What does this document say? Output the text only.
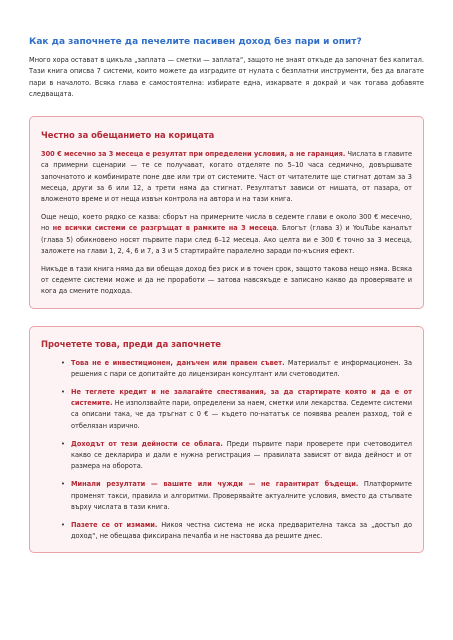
Как да започнете да печелите пасивен доход без пари и опит?

Много хора остават в цикъла „заплата — сметки — заплата“, защото не знаят откъде да започнат без капитал. Тази книга описва 7 системи, които можете да изградите от нулата с безплатни инструменти, без да влагате пари в началото. Всяка глава е самостоятелна: избирате една, изкарвате я докрай и чак тогава добавяте следващата.

Честно за обещанието на корицата

300 € месечно за 3 месеца е резултат при определени условия, а не гаранция. Числата в главите са примерни сценарии — те се получават, когато отделяте по 5–10 часа седмично, довършвате започнатото и комбинирате поне две или три от системите. Част от читателите ще стигнат дотам за 3 месеца, други за 6 или 12, а трети няма да стигнат. Резултатът зависи от нишата, от пазара, от вложеното време и от неща извън контрола на автора и на тази книга.

Още нещо, което рядко се казва: сборът на примерните числа в седемте глави е около 300 € месечно, но не всички системи се разгръщат в рамките на 3 месеца. Блогът (глава 3) и YouTube каналът (глава 5) обикновено носят първите пари след 6–12 месеца. Ако целта ви е 300 € точно за 3 месеца, заложете на глави 1, 2, 4, 6 и 7, а 3 и 5 стартирайте паралелно заради по-късния ефект.

Никъде в тази книга няма да ви обещая доход без риск и в точен срок, защото такова нещо няма. Всяка от седемте системи може и да не проработи — затова навсякъде е записано какво да проверявате и кога да смените подхода.

Прочетете това, преди да започнете
• Това не е инвестиционен, данъчен или правен съвет. Материалът е информационен. За решения с пари се допитайте до лицензиран консултант или счетоводител.
• Не теглете кредит и не залагайте спестявания, за да стартирате която и да е от системите. Не използвайте пари, определени за наем, сметки или лекарства. Седемте системи са описани така, че да тръгнат с 0 € — където по-нататък се появява реален разход, той е отбелязан изрично.
• Доходът от тези дейности се облага. Преди първите пари проверете при счетоводител какво се декларира и дали е нужна регистрация — правилата зависят от вида дейност и от размера на оборота.
• Минали резултати — вашите или чужди — не гарантират бъдещи. Платформите променят такси, правила и алгоритми. Проверявайте актуалните условия, вместо да стъпвате върху числата в тази книга.
• Пазете се от измами. Никоя честна система не иска предварителна такса за „достъп до доход“, не обещава фиксирана печалба и не настоява да решите днес.
